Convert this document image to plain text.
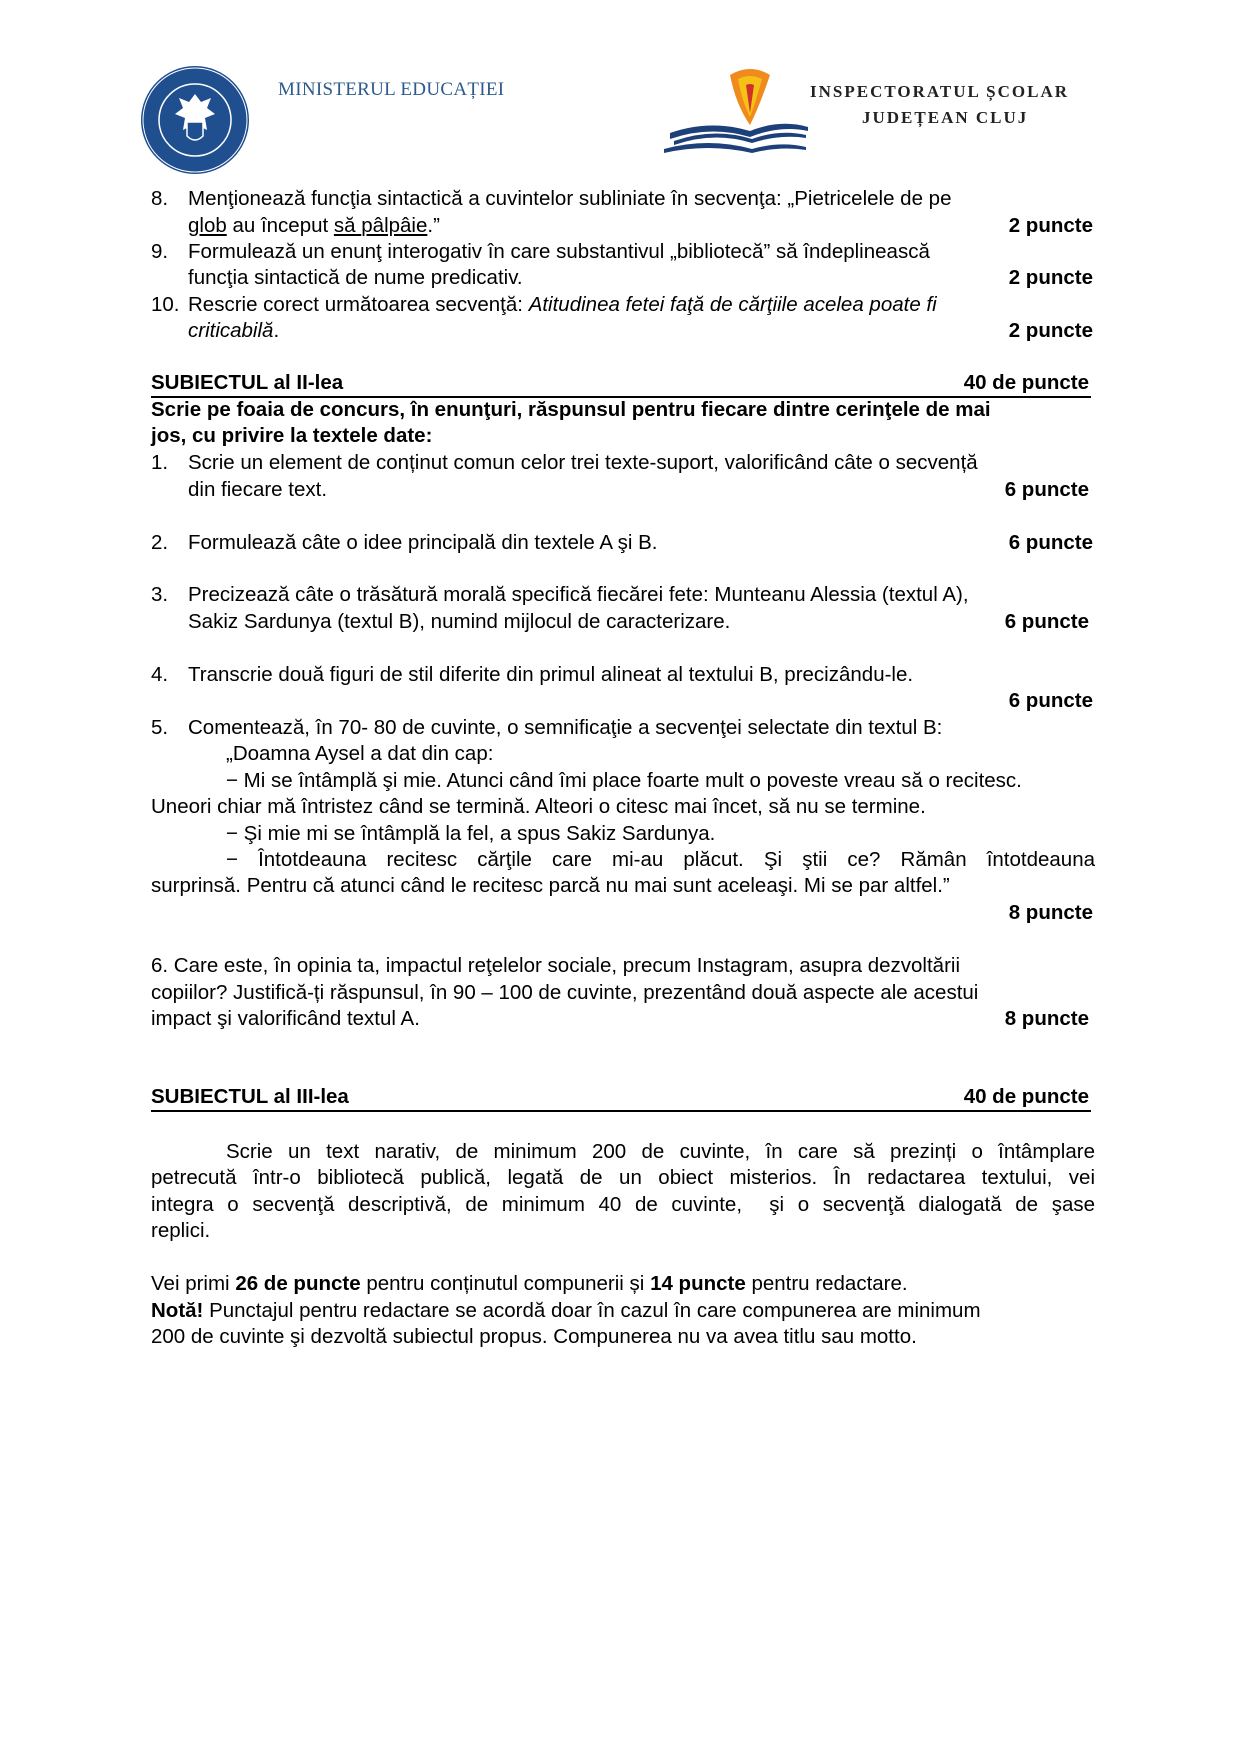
MINISTERUL EDUCAȚIEI	INSPECTORATUL ȘCOLAR
JUDEȚEAN CLUJ
8. Menţionează funcţia sintactică a cuvintelor subliniate în secvenţa: „Pietricelele de pe
glob au început să pâlpâie.”	2 puncte
9. Formulează un enunţ interogativ în care substantivul „bibliotecă” să îndeplinească
funcţia sintactică de nume predicativ.	2 puncte
10. Rescrie corect următoarea secvenţă: Atitudinea fetei faţă de cărţiile acelea poate fi
criticabilă.	2 puncte
SUBIECTUL al II-lea	40 de puncte
Scrie pe foaia de concurs, în enunţuri, răspunsul pentru fiecare dintre cerinţele de mai
jos, cu privire la textele date:
1. Scrie un element de conținut comun celor trei texte-suport, valorificând câte o secvență
din fiecare text.	6 puncte
2. Formulează câte o idee principală din textele A şi B.	6 puncte
3. Precizează câte o trăsătură morală specifică fiecărei fete: Munteanu Alessia (textul A),
Sakiz Sardunya (textul B), numind mijlocul de caracterizare.	6 puncte
4. Transcrie două figuri de stil diferite din primul alineat al textului B, precizându-le.
6 puncte
5. Comentează, în 70- 80 de cuvinte, o semnificaţie a secvenţei selectate din textul B:
„Doamna Aysel a dat din cap:
− Mi se întâmplă şi mie. Atunci când îmi place foarte mult o poveste vreau să o recitesc.
Uneori chiar mă întristez când se termină. Alteori o citesc mai încet, să nu se termine.
− Şi mie mi se întâmplă la fel, a spus Sakiz Sardunya.
− Întotdeauna recitesc cărţile care mi-au plăcut. Şi ştii ce? Rămân întotdeauna
surprinsă. Pentru că atunci când le recitesc parcă nu mai sunt aceleaşi. Mi se par altfel.”
8 puncte
6. Care este, în opinia ta, impactul reţelelor sociale, precum Instagram, asupra dezvoltării
copiilor? Justifică-ți răspunsul, în 90 – 100 de cuvinte, prezentând două aspecte ale acestui
impact şi valorificând textul A.	8 puncte
SUBIECTUL al III-lea	40 de puncte
Scrie un text narativ, de minimum 200 de cuvinte, în care să prezinți o întâmplare
petrecută într-o bibliotecă publică, legată de un obiect misterios. În redactarea textului, vei
integra o secvenţă descriptivă, de minimum 40 de cuvinte,  şi o secvenţă dialogată de şase
replici.
Vei primi 26 de puncte pentru conținutul compunerii și 14 puncte pentru redactare.
Notă! Punctajul pentru redactare se acordă doar în cazul în care compunerea are minimum
200 de cuvinte şi dezvoltă subiectul propus. Compunerea nu va avea titlu sau motto.
